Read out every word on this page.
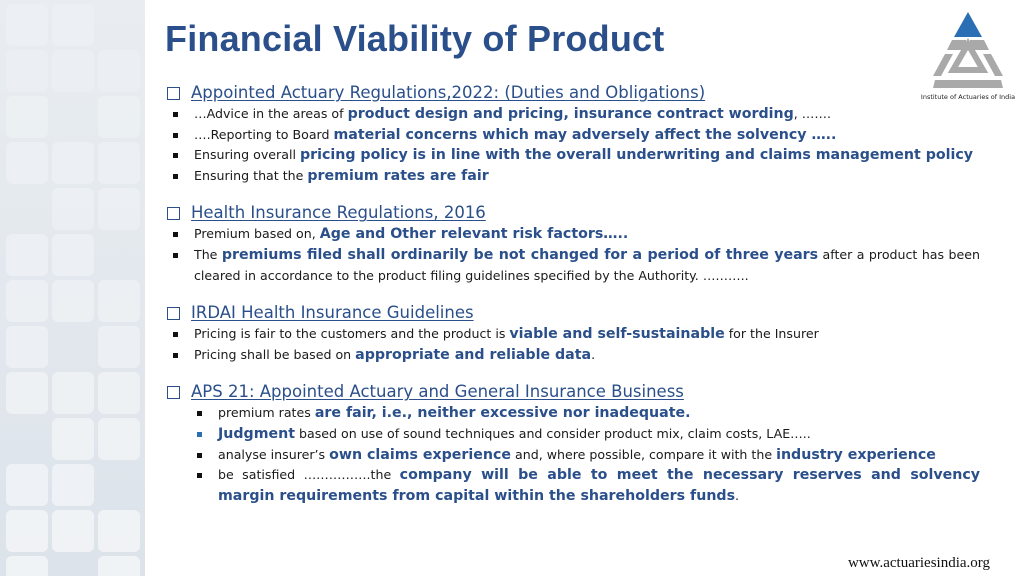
Financial Viability of Product
Institute of Actuaries of India
Appointed Actuary Regulations,2022: (Duties and Obligations)
…Advice in the areas of product design and pricing, insurance contract wording, …….
….Reporting to Board material concerns which may adversely affect the solvency …..
Ensuring overall pricing policy is in line with the overall underwriting and claims management policy
Ensuring that the premium rates are fair
Health Insurance Regulations, 2016
Premium based on, Age and Other relevant risk factors…..
The premiums filed shall ordinarily be not changed for a period of three years after a product has been cleared in accordance to the product filing guidelines specified by the Authority. ………..
IRDAI Health Insurance Guidelines
Pricing is fair to the customers and the product is viable and self-sustainable for the Insurer
Pricing shall be based on appropriate and reliable data.
APS 21: Appointed Actuary and General Insurance Business
premium rates are fair, i.e., neither excessive nor inadequate.
Judgment based on use of sound techniques and consider product mix, claim costs, LAE…..
analyse insurer’s own claims experience and, where possible, compare it with the industry experience
be satisfied …………….the company will be able to meet the necessary reserves and solvency margin requirements from capital within the shareholders funds.
www.actuariesindia.org
